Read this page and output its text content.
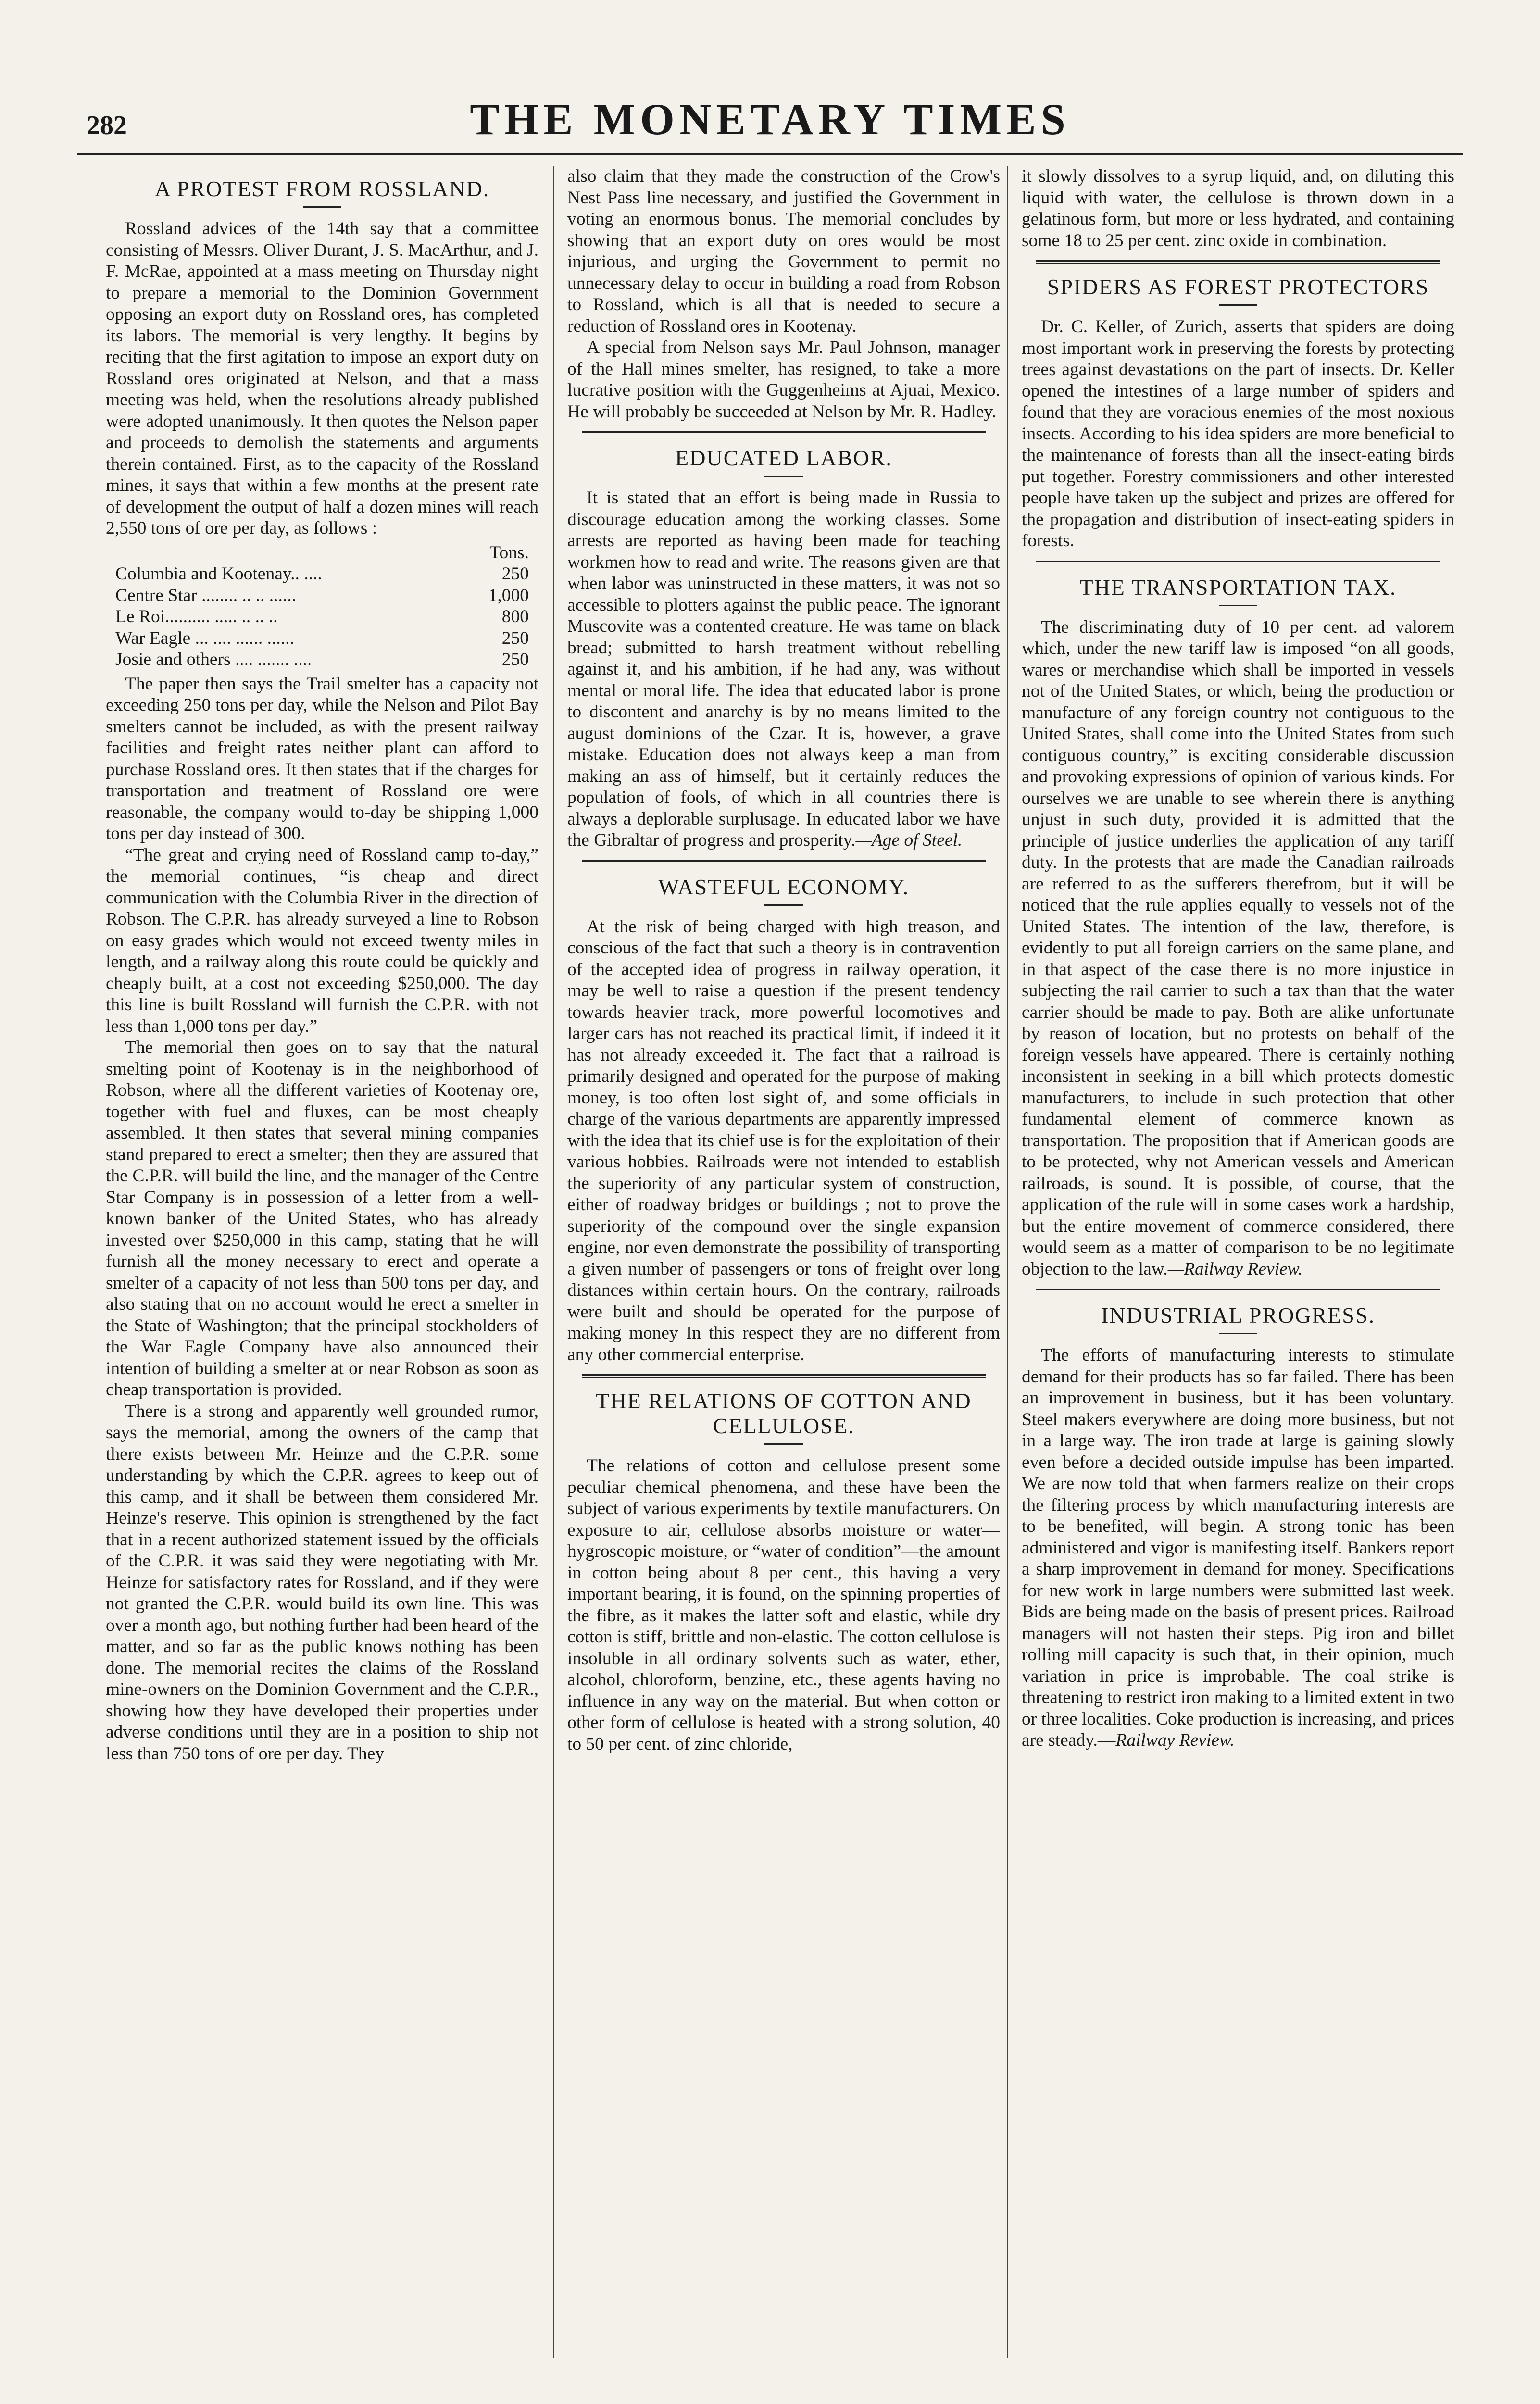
282	THE MONETARY TIMES
A PROTEST FROM ROSSLAND.

Rossland advices of the 14th say that a committee consisting of Messrs. Oliver Durant, J. S. MacArthur, and J. F. McRae, appointed at a mass meeting on Thursday night to prepare a memorial to the Dominion Government opposing an export duty on Rossland ores, has completed its labors. The memorial is very lengthy. It begins by reciting that the first agitation to impose an export duty on Rossland ores originated at Nelson, and that a mass meeting was held, when the resolutions already published were adopted unanimously. It then quotes the Nelson paper and proceeds to demolish the statements and arguments therein contained. First, as to the capacity of the Rossland mines, it says that within a few months at the present rate of development the output of half a dozen mines will reach 2,550 tons of ore per day, as follows :

Tons.
Columbia and Kootenay.. ....	250
Centre Star ........ .. .. ......	1,000
Le Roi.......... ..... .. .. ..	800
War Eagle ... .... ...... ......	250
Josie and others .... ....... ....	250

The paper then says the Trail smelter has a capacity not exceeding 250 tons per day, while the Nelson and Pilot Bay smelters cannot be included, as with the present railway facilities and freight rates neither plant can afford to purchase Rossland ores. It then states that if the charges for transportation and treatment of Rossland ore were reasonable, the company would to-day be shipping 1,000 tons per day instead of 300.

“The great and crying need of Rossland camp to-day,” the memorial continues, “is cheap and direct communication with the Columbia River in the direction of Robson. The C.P.R. has already surveyed a line to Robson on easy grades which would not exceed twenty miles in length, and a railway along this route could be quickly and cheaply built, at a cost not exceeding $250,000. The day this line is built Rossland will furnish the C.P.R. with not less than 1,000 tons per day.”

The memorial then goes on to say that the natural smelting point of Kootenay is in the neighborhood of Robson, where all the different varieties of Kootenay ore, together with fuel and fluxes, can be most cheaply assembled. It then states that several mining companies stand prepared to erect a smelter; then they are assured that the C.P.R. will build the line, and the manager of the Centre Star Company is in possession of a letter from a well-known banker of the United States, who has already invested over $250,000 in this camp, stating that he will furnish all the money necessary to erect and operate a smelter of a capacity of not less than 500 tons per day, and also stating that on no account would he erect a smelter in the State of Washington; that the principal stockholders of the War Eagle Company have also announced their intention of building a smelter at or near Robson as soon as cheap transportation is provided.

There is a strong and apparently well grounded rumor, says the memorial, among the owners of the camp that there exists between Mr. Heinze and the C.P.R. some understanding by which the C.P.R. agrees to keep out of this camp, and it shall be between them considered Mr. Heinze's reserve. This opinion is strengthened by the fact that in a recent authorized statement issued by the officials of the C.P.R. it was said they were negotiating with Mr. Heinze for satisfactory rates for Rossland, and if they were not granted the C.P.R. would build its own line. This was over a month ago, but nothing further had been heard of the matter, and so far as the public knows nothing has been done. The memorial recites the claims of the Rossland mine-owners on the Dominion Government and the C.P.R., showing how they have developed their properties under adverse conditions until they are in a position to ship not less than 750 tons of ore per day. They

also claim that they made the construction of the Crow's Nest Pass line necessary, and justified the Government in voting an enormous bonus. The memorial concludes by showing that an export duty on ores would be most injurious, and urging the Government to permit no unnecessary delay to occur in building a road from Robson to Rossland, which is all that is needed to secure a reduction of Rossland ores in Kootenay.

A special from Nelson says Mr. Paul Johnson, manager of the Hall mines smelter, has resigned, to take a more lucrative position with the Guggenheims at Ajuai, Mexico. He will probably be succeeded at Nelson by Mr. R. Hadley.

EDUCATED LABOR.

It is stated that an effort is being made in Russia to discourage education among the working classes. Some arrests are reported as having been made for teaching workmen how to read and write. The reasons given are that when labor was uninstructed in these matters, it was not so accessible to plotters against the public peace. The ignorant Muscovite was a contented creature. He was tame on black bread; submitted to harsh treatment without rebelling against it, and his ambition, if he had any, was without mental or moral life. The idea that educated labor is prone to discontent and anarchy is by no means limited to the august dominions of the Czar. It is, however, a grave mistake. Education does not always keep a man from making an ass of himself, but it certainly reduces the population of fools, of which in all countries there is always a deplorable surplusage. In educated labor we have the Gibraltar of progress and prosperity.—Age of Steel.

WASTEFUL ECONOMY.

At the risk of being charged with high treason, and conscious of the fact that such a theory is in contravention of the accepted idea of progress in railway operation, it may be well to raise a question if the present tendency towards heavier track, more powerful locomotives and larger cars has not reached its practical limit, if indeed it it has not already exceeded it. The fact that a railroad is primarily designed and operated for the purpose of making money, is too often lost sight of, and some officials in charge of the various departments are apparently impressed with the idea that its chief use is for the exploitation of their various hobbies. Railroads were not intended to establish the superiority of any particular system of construction, either of roadway bridges or buildings ; not to prove the superiority of the compound over the single expansion engine, nor even demonstrate the possibility of transporting a given number of passengers or tons of freight over long distances within certain hours. On the contrary, railroads were built and should be operated for the purpose of making money In this respect they are no different from any other commercial enterprise.

THE RELATIONS OF COTTON AND CELLULOSE.

The relations of cotton and cellulose present some peculiar chemical phenomena, and these have been the subject of various experiments by textile manufacturers. On exposure to air, cellulose absorbs moisture or water—hygroscopic moisture, or “water of condition”—the amount in cotton being about 8 per cent., this having a very important bearing, it is found, on the spinning properties of the fibre, as it makes the latter soft and elastic, while dry cotton is stiff, brittle and non-elastic. The cotton cellulose is insoluble in all ordinary solvents such as water, ether, alcohol, chloroform, benzine, etc., these agents having no influence in any way on the material. But when cotton or other form of cellulose is heated with a strong solution, 40 to 50 per cent. of zinc chloride,

it slowly dissolves to a syrup liquid, and, on diluting this liquid with water, the cellulose is thrown down in a gelatinous form, but more or less hydrated, and containing some 18 to 25 per cent. zinc oxide in combination.

SPIDERS AS FOREST PROTECTORS

Dr. C. Keller, of Zurich, asserts that spiders are doing most important work in preserving the forests by protecting trees against devastations on the part of insects. Dr. Keller opened the intestines of a large number of spiders and found that they are voracious enemies of the most noxious insects. According to his idea spiders are more beneficial to the maintenance of forests than all the insect-eating birds put together. Forestry commissioners and other interested people have taken up the subject and prizes are offered for the propagation and distribution of insect-eating spiders in forests.

THE TRANSPORTATION TAX.

The discriminating duty of 10 per cent. ad valorem which, under the new tariff law is imposed “on all goods, wares or merchandise which shall be imported in vessels not of the United States, or which, being the production or manufacture of any foreign country not contiguous to the United States, shall come into the United States from such contiguous country,” is exciting considerable discussion and provoking expressions of opinion of various kinds. For ourselves we are unable to see wherein there is anything unjust in such duty, provided it is admitted that the principle of justice underlies the application of any tariff duty. In the protests that are made the Canadian railroads are referred to as the sufferers therefrom, but it will be noticed that the rule applies equally to vessels not of the United States. The intention of the law, therefore, is evidently to put all foreign carriers on the same plane, and in that aspect of the case there is no more injustice in subjecting the rail carrier to such a tax than that the water carrier should be made to pay. Both are alike unfortunate by reason of location, but no protests on behalf of the foreign vessels have appeared. There is certainly nothing inconsistent in seeking in a bill which protects domestic manufacturers, to include in such protection that other fundamental element of commerce known as transportation. The proposition that if American goods are to be protected, why not American vessels and American railroads, is sound. It is possible, of course, that the application of the rule will in some cases work a hardship, but the entire movement of commerce considered, there would seem as a matter of comparison to be no legitimate objection to the law.—Railway Review.

INDUSTRIAL PROGRESS.

The efforts of manufacturing interests to stimulate demand for their products has so far failed. There has been an improvement in business, but it has been voluntary. Steel makers everywhere are doing more business, but not in a large way. The iron trade at large is gaining slowly even before a decided outside impulse has been imparted. We are now told that when farmers realize on their crops the filtering process by which manufacturing interests are to be benefited, will begin. A strong tonic has been administered and vigor is manifesting itself. Bankers report a sharp improvement in demand for money. Specifications for new work in large numbers were submitted last week. Bids are being made on the basis of present prices. Railroad managers will not hasten their steps. Pig iron and billet rolling mill capacity is such that, in their opinion, much variation in price is improbable. The coal strike is threatening to restrict iron making to a limited extent in two or three localities. Coke production is increasing, and prices are steady.—Railway Review.
